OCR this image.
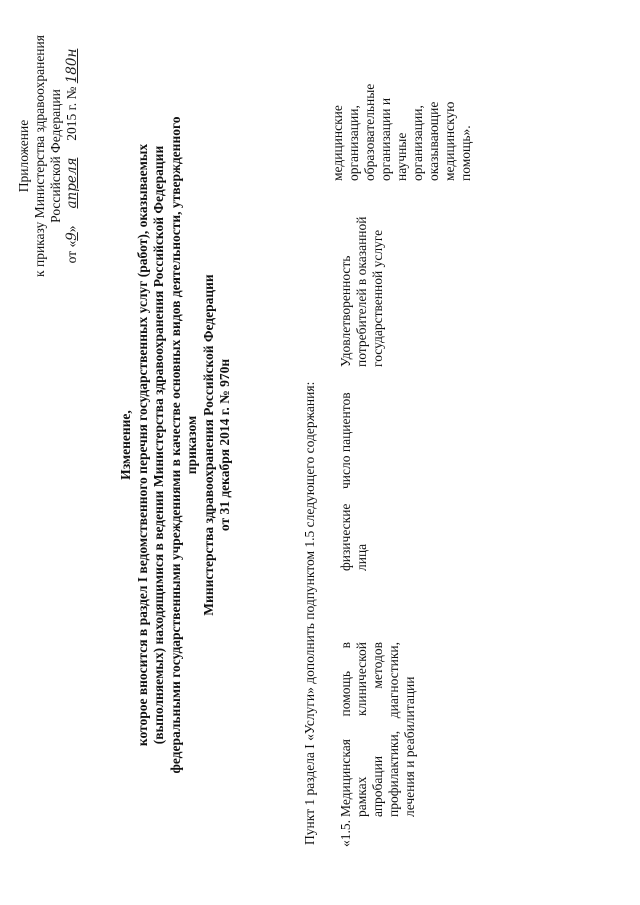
Приложение к приказу Министерства здравоохранения Российской Федерации
от «9» апреля 2015 г. № 180н
Изменение, которое вносится в раздел I ведомственного перечня государственных услуг (работ), оказываемых (выполняемых) находящимися в ведении Министерства здравоохранения Российской Федерации федеральными государственными учреждениями в качестве основных видов деятельности, утвержденного приказом Министерства здравоохранения Российской Федерации от 31 декабря 2014 г. № 970н	Пункт 1 раздела I «Услуги» дополнить подпунктом 1.5 следующего содержания: «1.5.
Медицинская
помощь
в
рамках
клинической
апробации
методов
профилактики,
диагностики, лечения и реабилитации
физические лица
число пациентов
Удовлетворенность потребителей в оказанной государственной услуге
медицинские организации, образовательные организации и научные организации, оказывающие медицинскую помощь».
